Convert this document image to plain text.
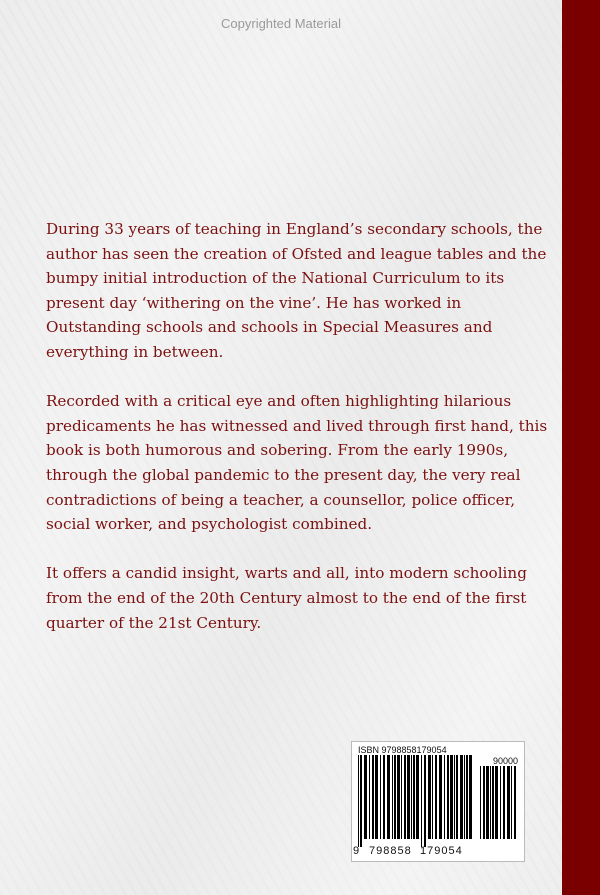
Copyrighted Material

During 33 years of teaching in England’s secondary schools, the author has seen the creation of Ofsted and league tables and the bumpy initial introduction of the National Curriculum to its present day ‘withering on the vine’. He has worked in Outstanding schools and schools in Special Measures and everything in between.

Recorded with a critical eye and often highlighting hilarious predicaments he has witnessed and lived through first hand, this book is both humorous and sobering. From the early 1990s, through the global pandemic to the present day, the very real contradictions of being a teacher, a counsellor, police officer, social worker, and psychologist combined.

It offers a candid insight, warts and all, into modern schooling from the end of the 20th Century almost to the end of the first quarter of the 21st Century.

ISBN 9798858179054
90000
9 798858 179054
